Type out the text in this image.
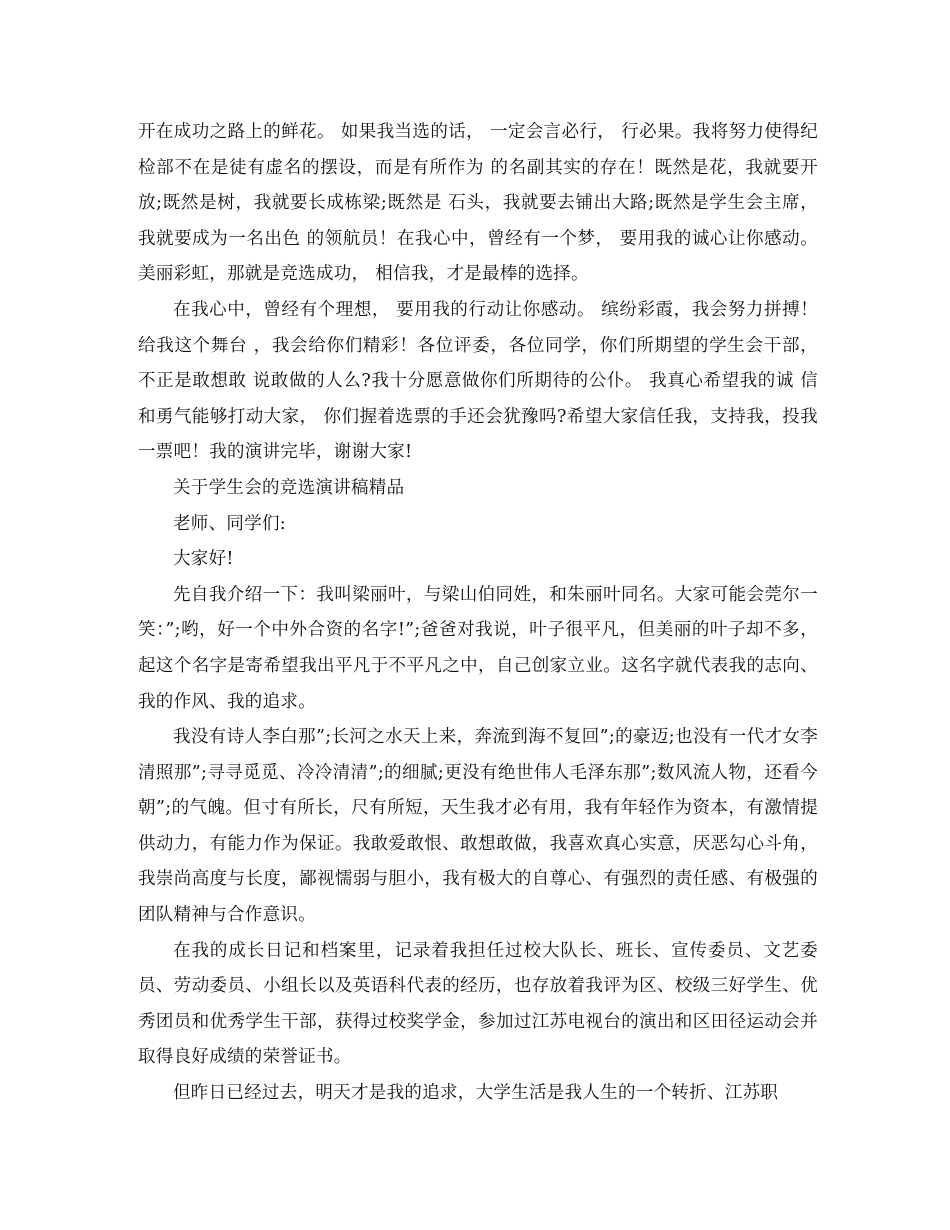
开在成功之路上的鲜花。 如果我当选的话， 一定会言必行， 行必果。我将努力使得纪检部不在是徒有虚名的摆设，而是有所作为 的名副其实的存在！既然是花，我就要开放;既然是树，我就要长成栋梁;既然是 石头，我就要去铺出大路;既然是学生会主席，我就要成为一名出色 的领航员！在我心中，曾经有一个梦， 要用我的诚心让你感动。 美丽彩虹，那就是竞选成功， 相信我，才是最棒的选择。

在我心中，曾经有个理想， 要用我的行动让你感动。 缤纷彩霞，我会努力拼搏！给我这个舞台 ，我会给你们精彩！各位评委，各位同学，你们所期望的学生会干部，不正是敢想敢 说敢做的人么?我十分愿意做你们所期待的公仆。 我真心希望我的诚 信和勇气能够打动大家， 你们握着选票的手还会犹豫吗?希望大家信任我，支持我，投我一票吧！我的演讲完毕，谢谢大家!

关于学生会的竞选演讲稿精品

老师、同学们:

大家好!

先自我介绍一下：我叫梁丽叶，与梁山伯同姓，和朱丽叶同名。大家可能会莞尔一笑：”;哟，好一个中外合资的名字!”;爸爸对我说，叶子很平凡，但美丽的叶子却不多，起这个名字是寄希望我出平凡于不平凡之中，自己创家立业。这名字就代表我的志向、我的作风、我的追求。

我没有诗人李白那”;长河之水天上来，奔流到海不复回”;的豪迈;也没有一代才女李清照那”;寻寻觅觅、冷冷清清”;的细腻;更没有绝世伟人毛泽东那”;数风流人物，还看今朝”;的气魄。但寸有所长，尺有所短，天生我才必有用，我有年轻作为资本，有激情提供动力，有能力作为保证。我敢爱敢恨、敢想敢做，我喜欢真心实意，厌恶勾心斗角，我崇尚高度与长度，鄙视懦弱与胆小，我有极大的自尊心、有强烈的责任感、有极强的团队精神与合作意识。

在我的成长日记和档案里，记录着我担任过校大队长、班长、宣传委员、文艺委员、劳动委员、小组长以及英语科代表的经历，也存放着我评为区、校级三好学生、优秀团员和优秀学生干部，获得过校奖学金，参加过江苏电视台的演出和区田径运动会并取得良好成绩的荣誉证书。

但昨日已经过去，明天才是我的追求，大学生活是我人生的一个转折、江苏职
